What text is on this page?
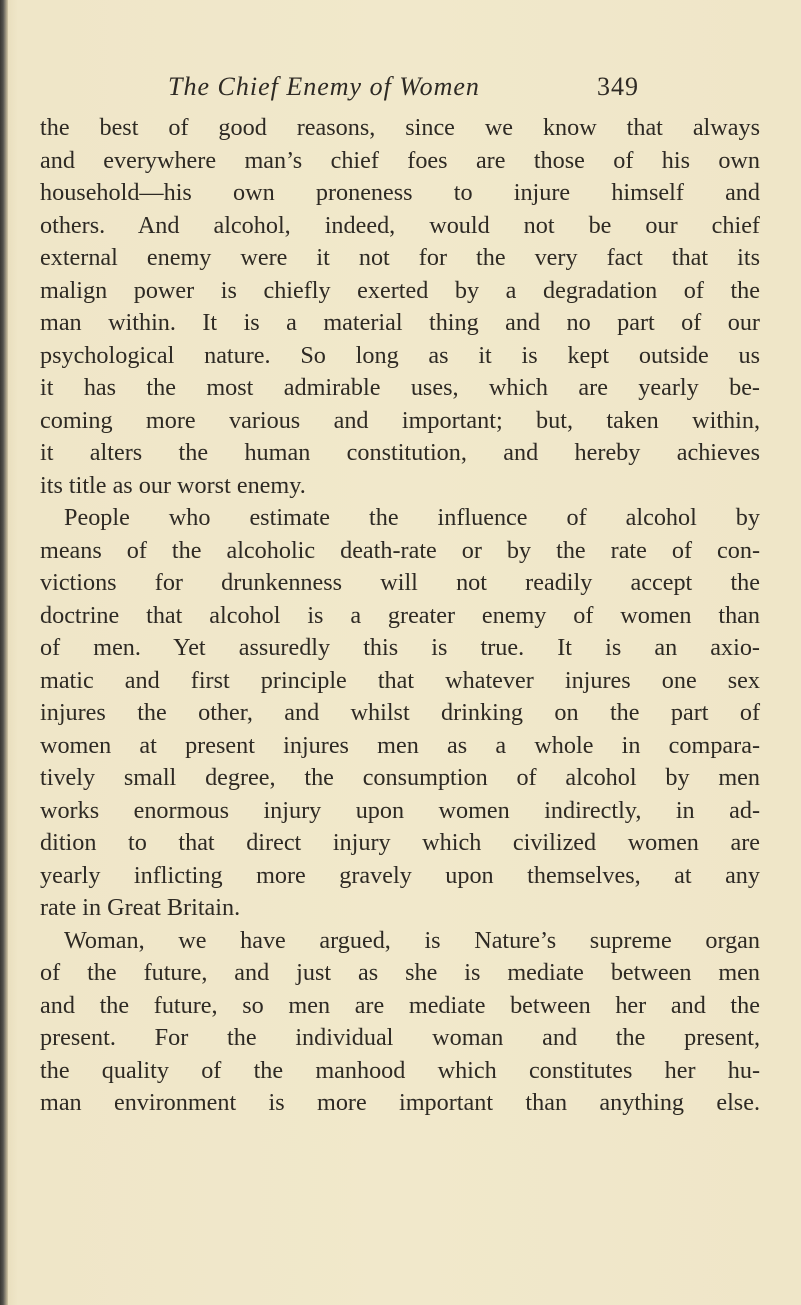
The Chief Enemy of Women	349
the best of good reasons, since we know that always
and everywhere man’s chief foes are those of his own
household—his own proneness to injure himself and
others. And alcohol, indeed, would not be our chief
external enemy were it not for the very fact that its
malign power is chiefly exerted by a degradation of the
man within. It is a material thing and no part of our
psychological nature. So long as it is kept outside us
it has the most admirable uses, which are yearly be-
coming more various and important; but, taken within,
it alters the human constitution, and hereby achieves
its title as our worst enemy.
People who estimate the influence of alcohol by
means of the alcoholic death-rate or by the rate of con-
victions for drunkenness will not readily accept the
doctrine that alcohol is a greater enemy of women than
of men. Yet assuredly this is true. It is an axio-
matic and first principle that whatever injures one sex
injures the other, and whilst drinking on the part of
women at present injures men as a whole in compara-
tively small degree, the consumption of alcohol by men
works enormous injury upon women indirectly, in ad-
dition to that direct injury which civilized women are
yearly inflicting more gravely upon themselves, at any
rate in Great Britain.
Woman, we have argued, is Nature’s supreme organ
of the future, and just as she is mediate between men
and the future, so men are mediate between her and the
present. For the individual woman and the present,
the quality of the manhood which constitutes her hu-
man environment is more important than anything else.
